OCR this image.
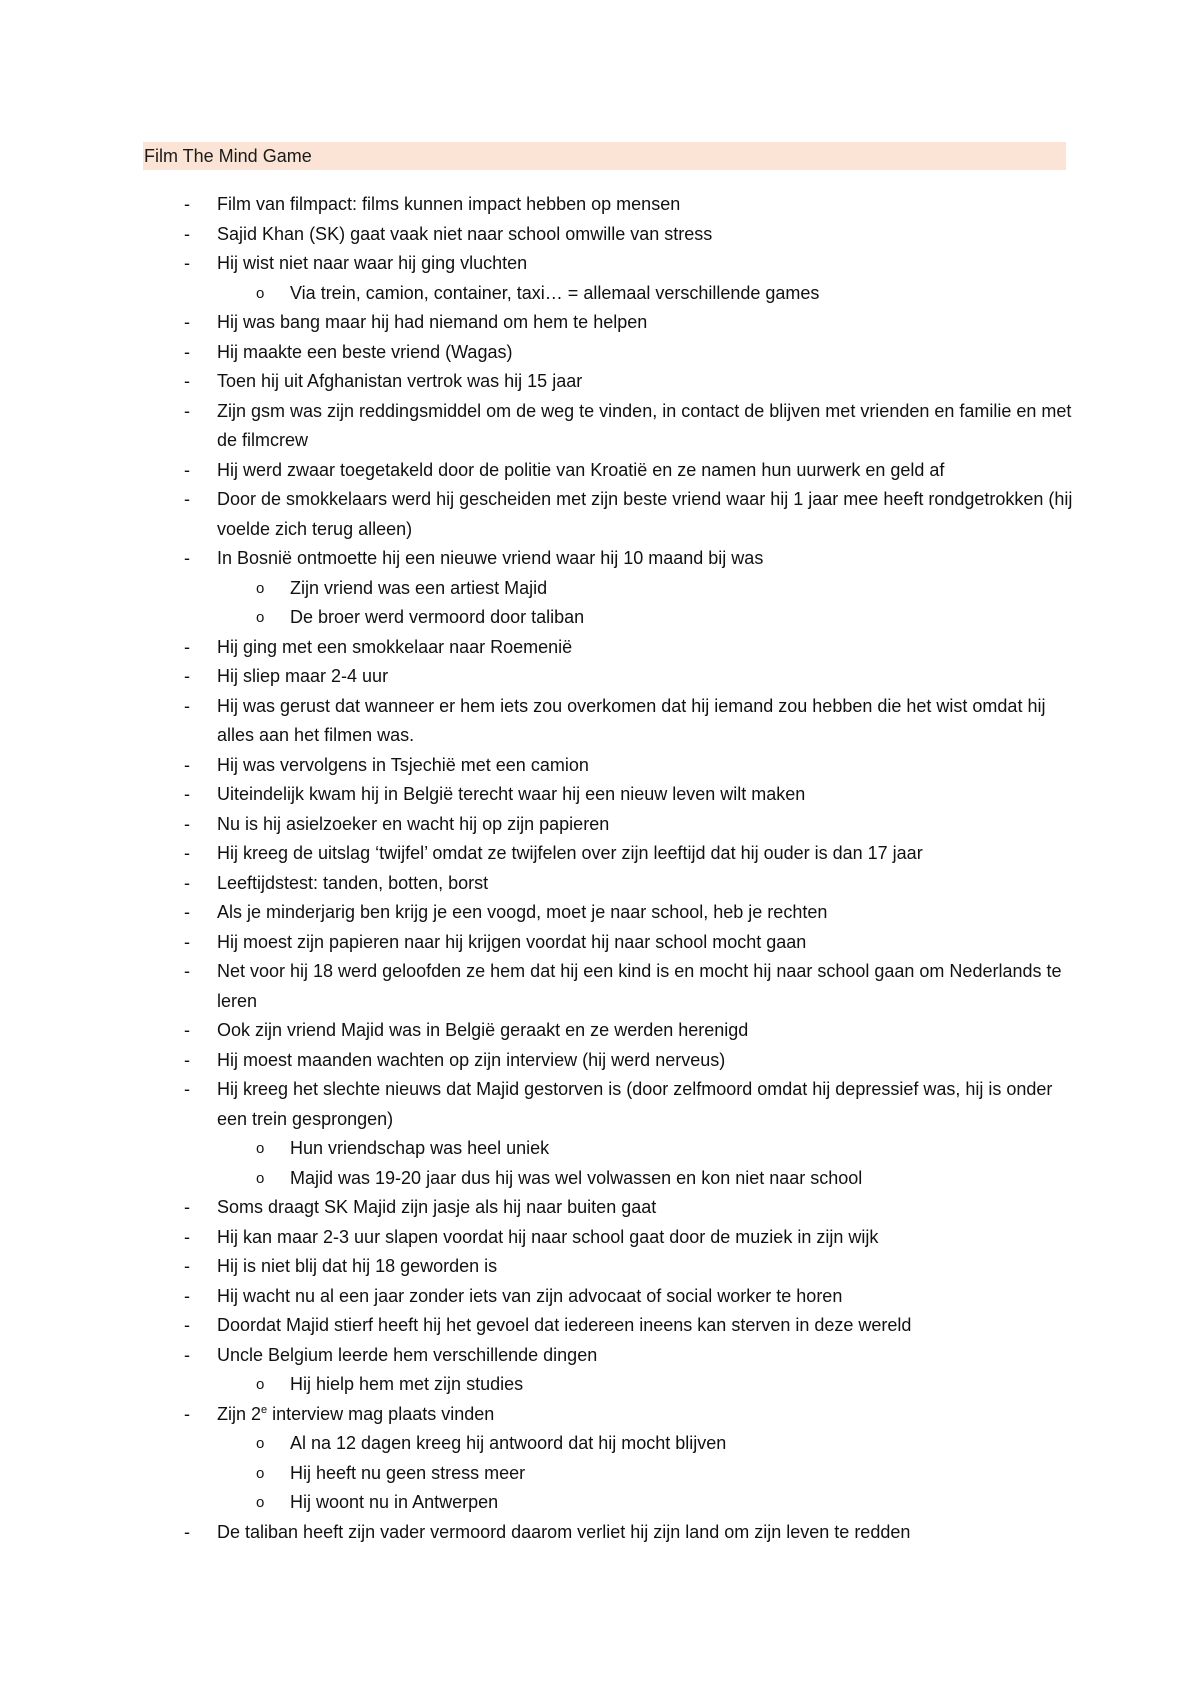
Film The Mind Game
- Film van filmpact: films kunnen impact hebben op mensen
- Sajid Khan (SK) gaat vaak niet naar school omwille van stress
- Hij wist niet naar waar hij ging vluchten
o Via trein, camion, container, taxi… = allemaal verschillende games
- Hij was bang maar hij had niemand om hem te helpen
- Hij maakte een beste vriend (Wagas)
- Toen hij uit Afghanistan vertrok was hij 15 jaar
- Zijn gsm was zijn reddingsmiddel om de weg te vinden, in contact de blijven met vrienden en familie en met de filmcrew
- Hij werd zwaar toegetakeld door de politie van Kroatië en ze namen hun uurwerk en geld af
- Door de smokkelaars werd hij gescheiden met zijn beste vriend waar hij 1 jaar mee heeft rondgetrokken (hij voelde zich terug alleen)
- In Bosnië ontmoette hij een nieuwe vriend waar hij 10 maand bij was
o Zijn vriend was een artiest Majid
o De broer werd vermoord door taliban
- Hij ging met een smokkelaar naar Roemenië
- Hij sliep maar 2-4 uur
- Hij was gerust dat wanneer er hem iets zou overkomen dat hij iemand zou hebben die het wist omdat hij alles aan het filmen was.
- Hij was vervolgens in Tsjechië met een camion
- Uiteindelijk kwam hij in België terecht waar hij een nieuw leven wilt maken
- Nu is hij asielzoeker en wacht hij op zijn papieren
- Hij kreeg de uitslag ‘twijfel’ omdat ze twijfelen over zijn leeftijd dat hij ouder is dan 17 jaar
- Leeftijdstest: tanden, botten, borst
- Als je minderjarig ben krijg je een voogd, moet je naar school, heb je rechten
- Hij moest zijn papieren naar hij krijgen voordat hij naar school mocht gaan
- Net voor hij 18 werd geloofden ze hem dat hij een kind is en mocht hij naar school gaan om Nederlands te leren
- Ook zijn vriend Majid was in België geraakt en ze werden herenigd
- Hij moest maanden wachten op zijn interview (hij werd nerveus)
- Hij kreeg het slechte nieuws dat Majid gestorven is (door zelfmoord omdat hij depressief was, hij is onder een trein gesprongen)
o Hun vriendschap was heel uniek
o Majid was 19-20 jaar dus hij was wel volwassen en kon niet naar school
- Soms draagt SK Majid zijn jasje als hij naar buiten gaat
- Hij kan maar 2-3 uur slapen voordat hij naar school gaat door de muziek in zijn wijk
- Hij is niet blij dat hij 18 geworden is
- Hij wacht nu al een jaar zonder iets van zijn advocaat of social worker te horen
- Doordat Majid stierf heeft hij het gevoel dat iedereen ineens kan sterven in deze wereld
- Uncle Belgium leerde hem verschillende dingen
o Hij hielp hem met zijn studies
- Zijn 2e interview mag plaats vinden
o Al na 12 dagen kreeg hij antwoord dat hij mocht blijven
o Hij heeft nu geen stress meer
o Hij woont nu in Antwerpen
- De taliban heeft zijn vader vermoord daarom verliet hij zijn land om zijn leven te redden
